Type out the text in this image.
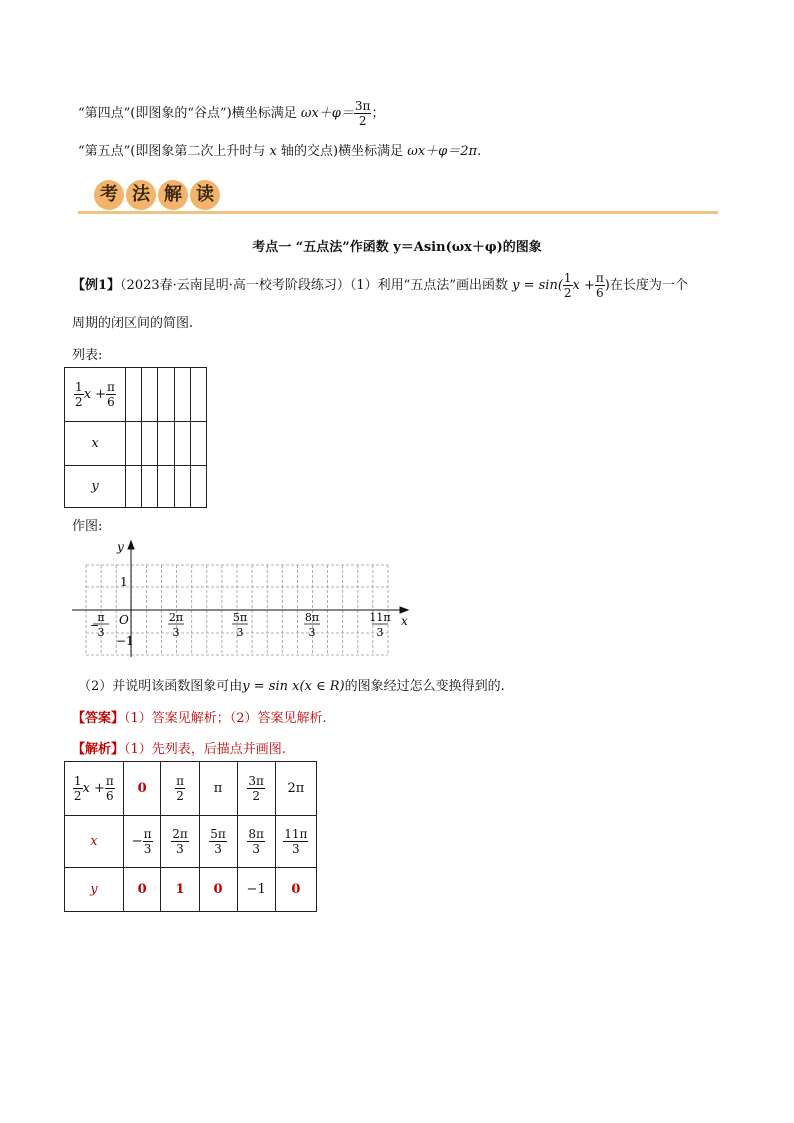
“第四点”(即图象的“谷点”)横坐标满足 $\omega x+\varphi= \frac{3\pi}{2}$ ；
“第五点”(即图象第二次上升时与 x 轴的交点)横坐标满足 ωx＋φ＝2π.
考 法 解 读
考点一 “五点法”作函数 y＝Asin(ωx＋φ)的图象
【例1】（2023春·云南昆明·高一校考阶段练习）（1）利用“五点法”画出函数 $y = \sin( \frac{1}{2}$ $x + \frac{\pi}{6}$ )在长度为一个
周期的闭区间的简图.
列表:
$\frac{1}{2}$ $x + \frac{\pi}{6}$

x					
y					
作图:
y
x
O
1
−1
−
π
3
2π
3
5π
3
8π
3
11π
3
（2）并说明该函数图象可由y = sin x(x ∈ R)的图象经过怎么变换得到的.
【答案】（1）答案见解析；（2）答案见解析.
【解析】（1）先列表，后描点并画图.
$\frac{1}{2}$ $x + \frac{\pi}{6}$	0	$\frac{\pi}{2}$	π	$\frac{3\pi}{2}$	2π
x	− $\frac{\pi}{3}$	$\frac{2\pi}{3}$	$\frac{5\pi}{3}$	$\frac{8\pi}{3}$	$\frac{11\pi}{3}$

y	0	1	0	−1	0
